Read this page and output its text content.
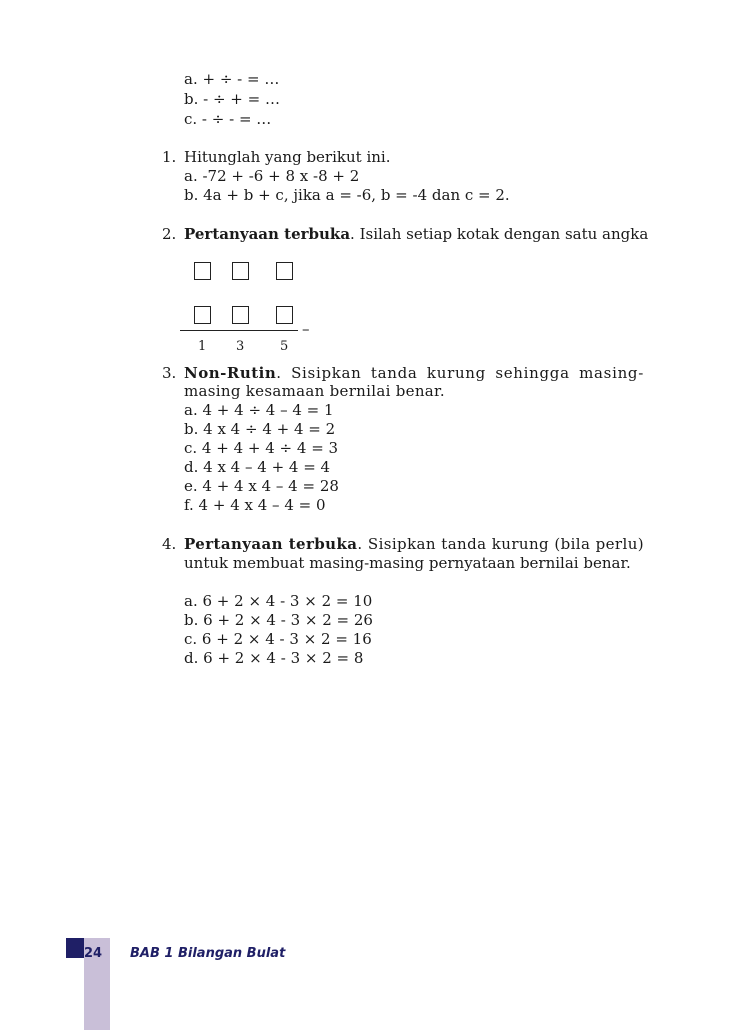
a. + ÷ - = …
b. - ÷ + = …
c. - ÷ - = …
1. Hitunglah yang berikut ini.
a. -72 + -6 + 8 x -8 + 2
b. 4a + b + c, jika a = -6, b = -4 dan c = 2.
2. Pertanyaan terbuka. Isilah setiap kotak dengan satu angka
–
1 3	5
3. Non-Rutin. Sisipkan tanda kurung sehingga masing-
masing kesamaan bernilai benar.
a. 4 + 4 ÷ 4 – 4 = 1
b. 4 x 4 ÷ 4 + 4 = 2
c. 4 + 4 + 4 ÷ 4 = 3
d. 4 x 4 – 4 + 4 = 4
e. 4 + 4 x 4 – 4 = 28
f. 4 + 4 x 4 – 4 = 0
4. Pertanyaan terbuka. Sisipkan tanda kurung (bila perlu)
untuk membuat masing-masing pernyataan bernilai benar.
a. 6 + 2 × 4 - 3 × 2 = 10
b. 6 + 2 × 4 - 3 × 2 = 26
c. 6 + 2 × 4 - 3 × 2 = 16
d. 6 + 2 × 4 - 3 × 2 = 8
24	BAB 1 Bilangan Bulat
